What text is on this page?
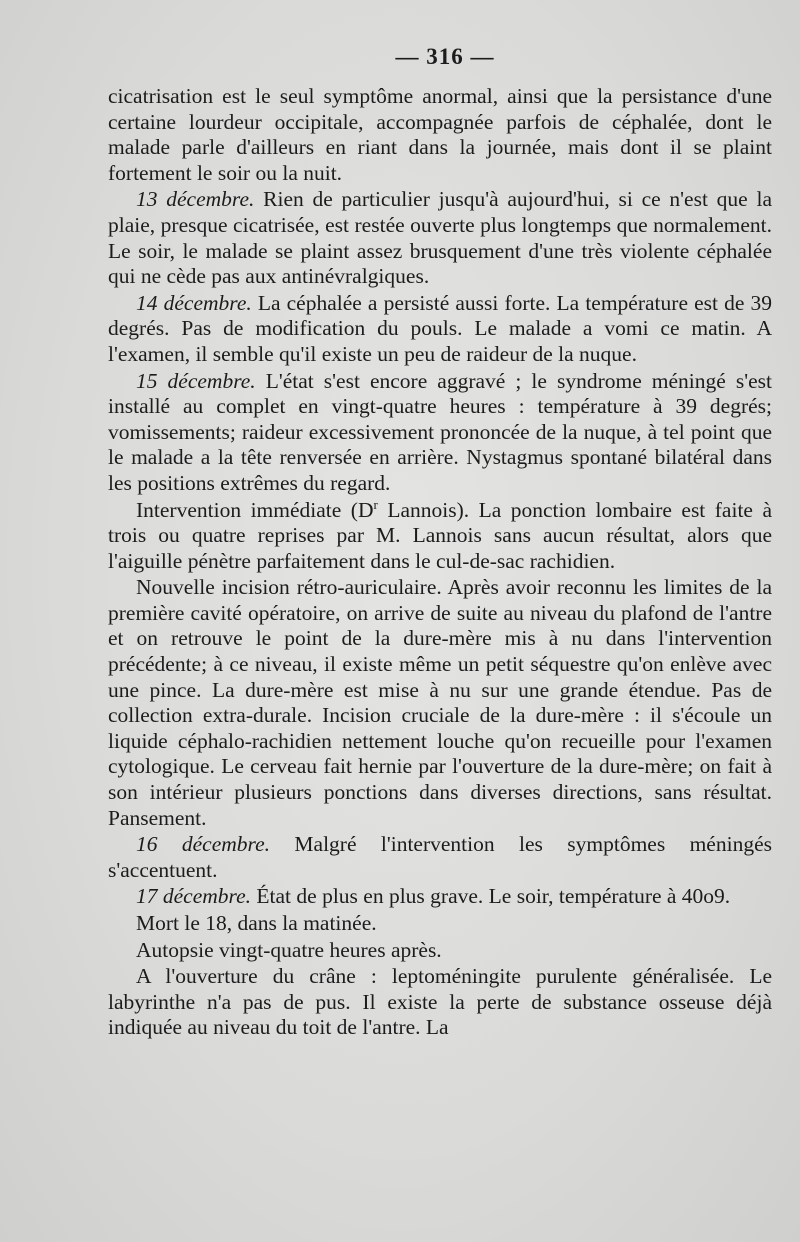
— 316 —

cicatrisation est le seul symptôme anormal, ainsi que la persistance d'une certaine lourdeur occipitale, accompagnée parfois de céphalée, dont le malade parle d'ailleurs en riant dans la journée, mais dont il se plaint fortement le soir ou la nuit.

13 décembre. Rien de particulier jusqu'à aujourd'hui, si ce n'est que la plaie, presque cicatrisée, est restée ouverte plus longtemps que normalement. Le soir, le malade se plaint assez brusquement d'une très violente céphalée qui ne cède pas aux antinévralgiques.

14 décembre. La céphalée a persisté aussi forte. La température est de 39 degrés. Pas de modification du pouls. Le malade a vomi ce matin. A l'examen, il semble qu'il existe un peu de raideur de la nuque.

15 décembre. L'état s'est encore aggravé ; le syndrome méningé s'est installé au complet en vingt-quatre heures : température à 39 degrés; vomissements; raideur excessivement prononcée de la nuque, à tel point que le malade a la tête renversée en arrière. Nystagmus spontané bilatéral dans les positions extrêmes du regard.

Intervention immédiate ($D^r$ Lannois). La ponction lombaire est faite à trois ou quatre reprises par M. Lannois sans aucun résultat, alors que l'aiguille pénètre parfaitement dans le cul-de-sac rachidien.

Nouvelle incision rétro-auriculaire. Après avoir reconnu les limites de la première cavité opératoire, on arrive de suite au niveau du plafond de l'antre et on retrouve le point de la dure-mère mis à nu dans l'intervention précédente; à ce niveau, il existe même un petit séquestre qu'on enlève avec une pince. La dure-mère est mise à nu sur une grande étendue. Pas de collection extra-durale. Incision cruciale de la dure-mère : il s'écoule un liquide céphalo-rachidien nettement louche qu'on recueille pour l'examen cytologique. Le cerveau fait hernie par l'ouverture de la dure-mère; on fait à son intérieur plusieurs ponctions dans diverses directions, sans résultat. Pansement.

16 décembre. Malgré l'intervention les symptômes méningés s'accentuent.

17 décembre. État de plus en plus grave. Le soir, température à 40o9.

Mort le 18, dans la matinée.

Autopsie vingt-quatre heures après.

A l'ouverture du crâne : leptoméningite purulente généralisée. Le labyrinthe n'a pas de pus. Il existe la perte de substance osseuse déjà indiquée au niveau du toit de l'antre. La
